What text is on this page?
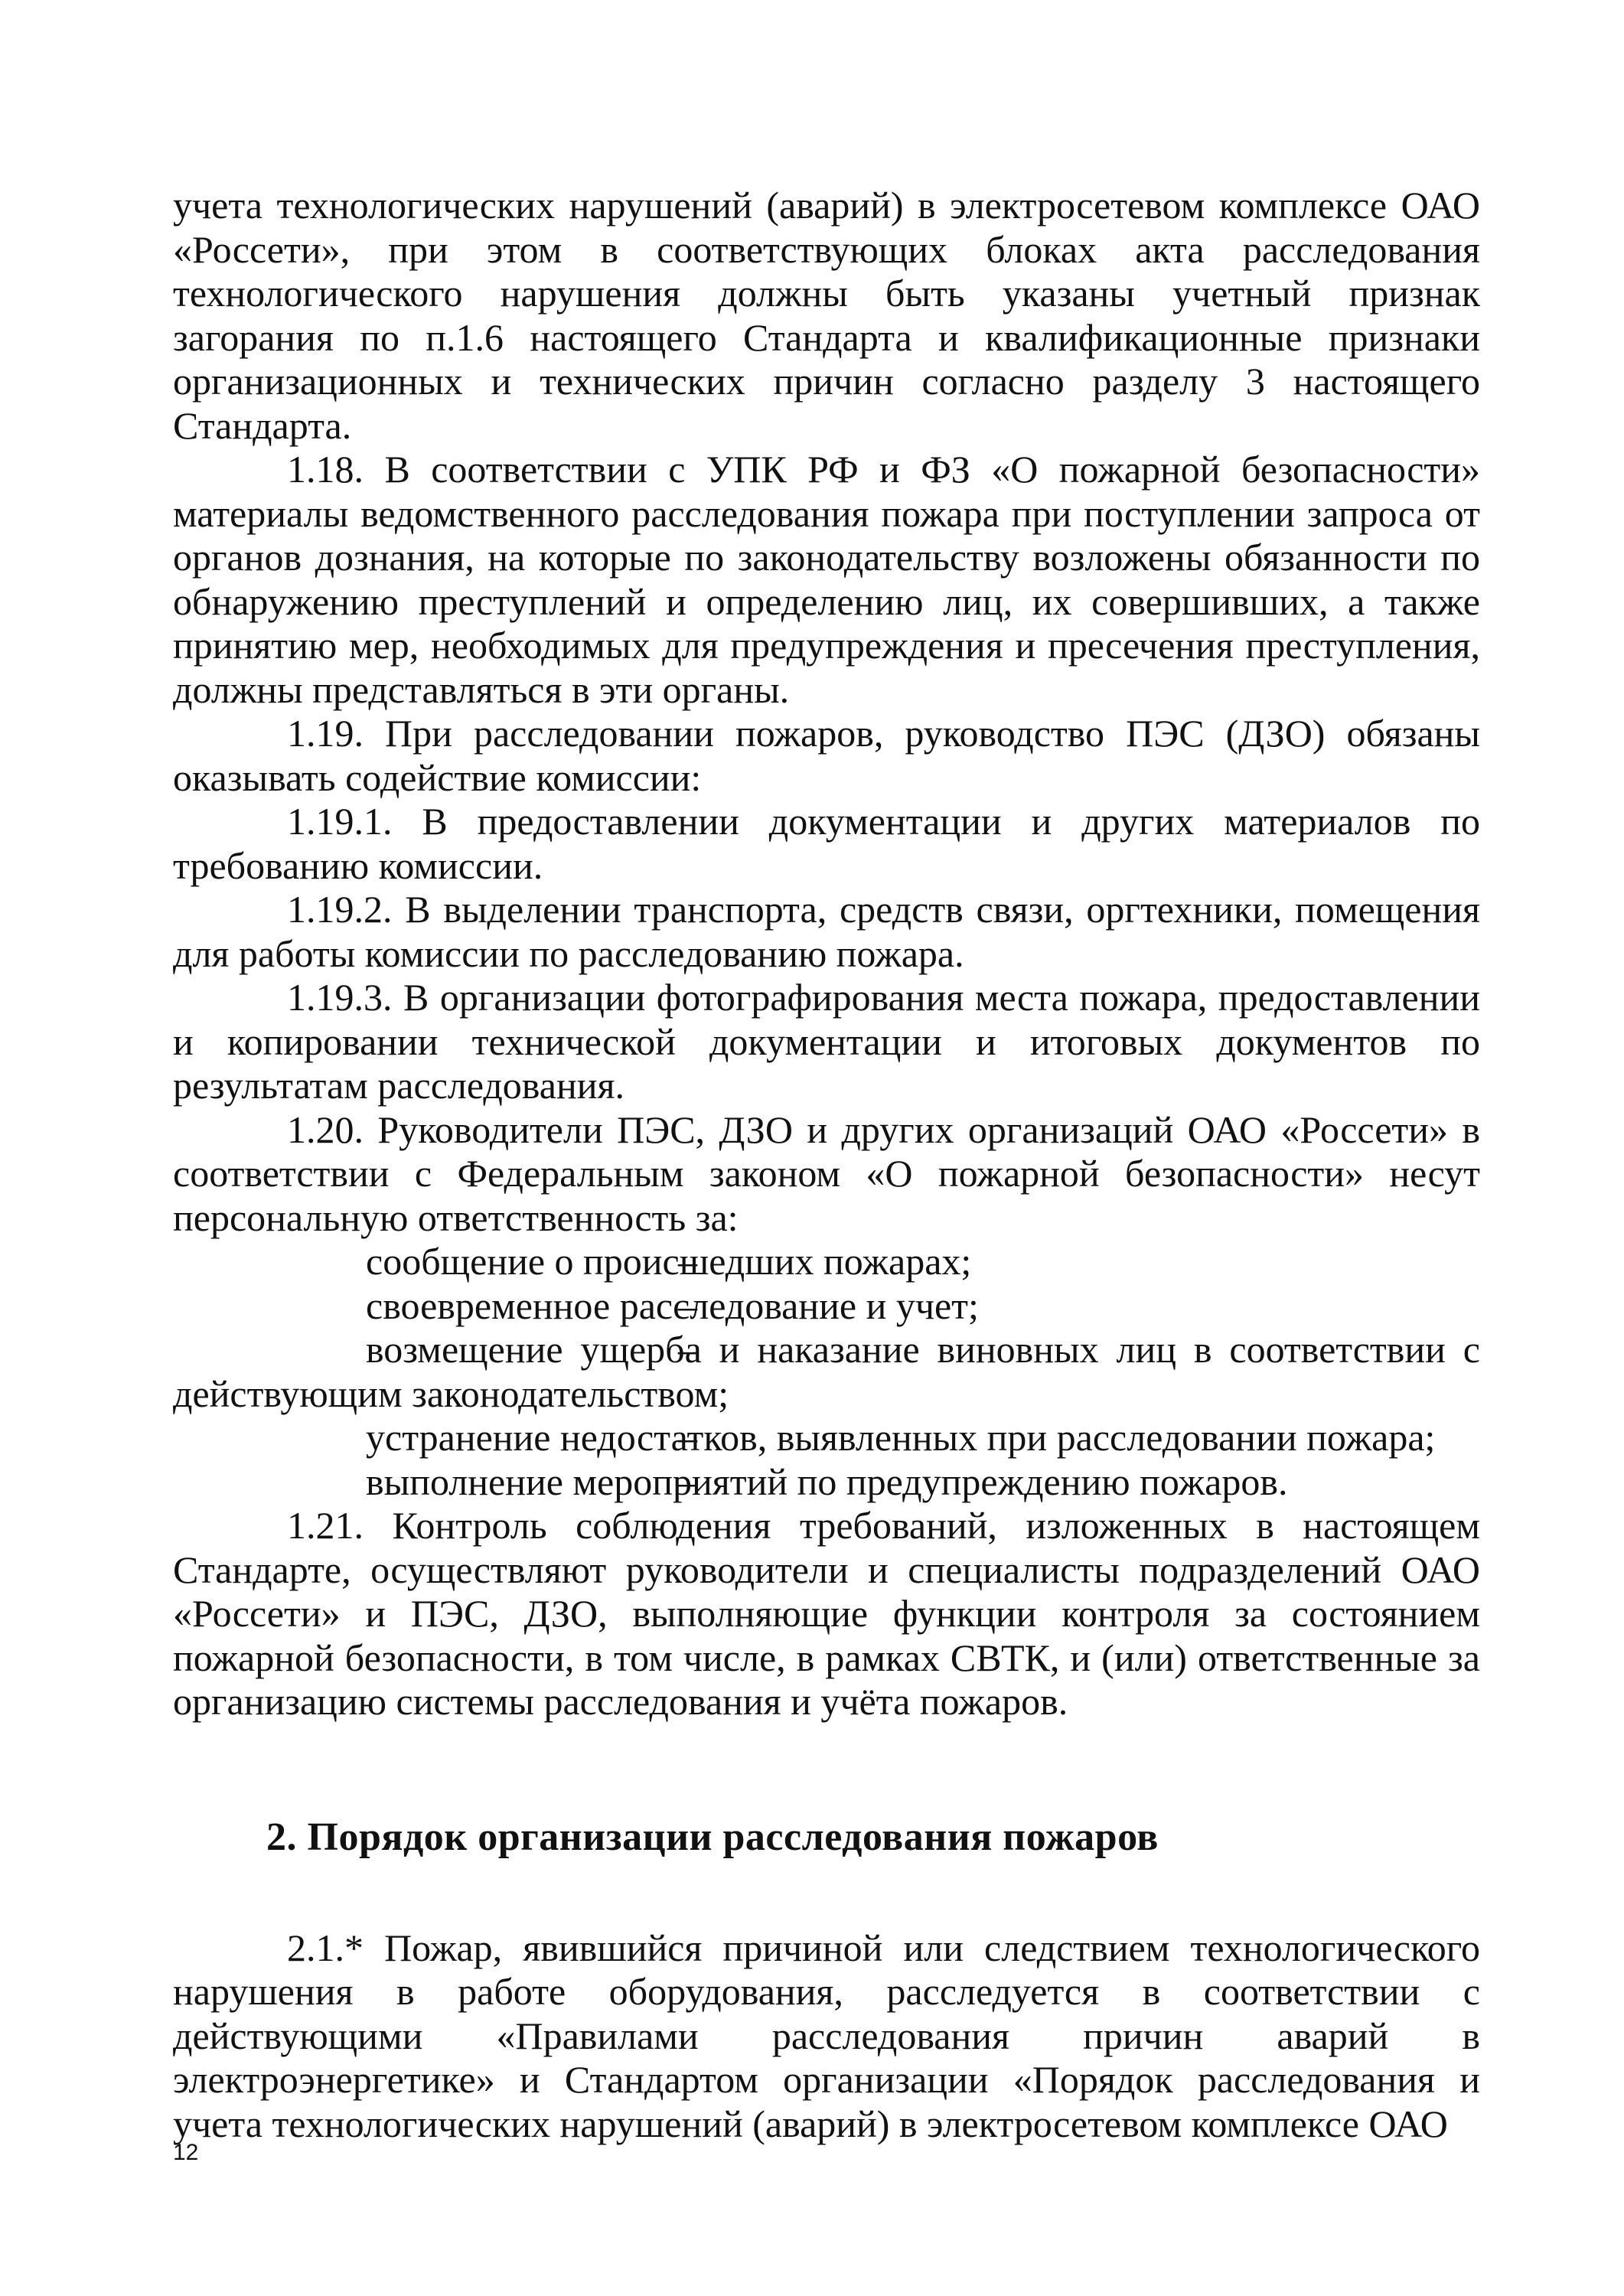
учета технологических нарушений (аварий) в электросетевом комплексе ОАО «Россети», при этом в соответствующих блоках акта расследования технологического нарушения должны быть указаны учетный признак загорания по п.1.6 настоящего Стандарта и квалификационные признаки организационных и технических причин согласно разделу 3 настоящего Стандарта.

1.18. В соответствии с УПК РФ и ФЗ «О пожарной безопасности» материалы ведомственного расследования пожара при поступлении запроса от органов дознания, на которые по законодательству возложены обязанности по обнаружению преступлений и определению лиц, их совершивших, а также принятию мер, необходимых для предупреждения и пресечения преступления, должны представляться в эти органы.

1.19. При расследовании пожаров, руководство ПЭС (ДЗО) обязаны оказывать содействие комиссии:

1.19.1. В предоставлении документации и других материалов по требованию комиссии.

1.19.2. В выделении транспорта, средств связи, оргтехники, помещения для работы комиссии по расследованию пожара.

1.19.3. В организации фотографирования места пожара, предоставлении и копировании технической документации и итоговых документов по результатам расследования.

1.20. Руководители ПЭС, ДЗО и других организаций ОАО «Россети» в соответствии с Федеральным законом «О пожарной безопасности» несут персональную ответственность за:

сообщение о происшедших пожарах;

своевременное расследование и учет;

возмещение ущерба и наказание виновных лиц в соответствии с действующим законодательством;

устранение недостатков, выявленных при расследовании пожара;

выполнение мероприятий по предупреждению пожаров.

1.21. Контроль соблюдения требований, изложенных в настоящем Стандарте, осуществляют руководители и специалисты подразделений ОАО «Россети» и ПЭС, ДЗО, выполняющие функции контроля за состоянием пожарной безопасности, в том числе, в рамках СВТК, и (или) ответственные за организацию системы расследования и учёта пожаров.

2. Порядок организации расследования пожаров

2.1.* Пожар, явившийся причиной или следствием технологического нарушения в работе оборудования, расследуется в соответствии с действующими «Правилами расследования причин аварий в электроэнергетике» и Стандартом организации «Порядок расследования и учета технологических нарушений (аварий) в электросетевом комплексе ОАО

12
